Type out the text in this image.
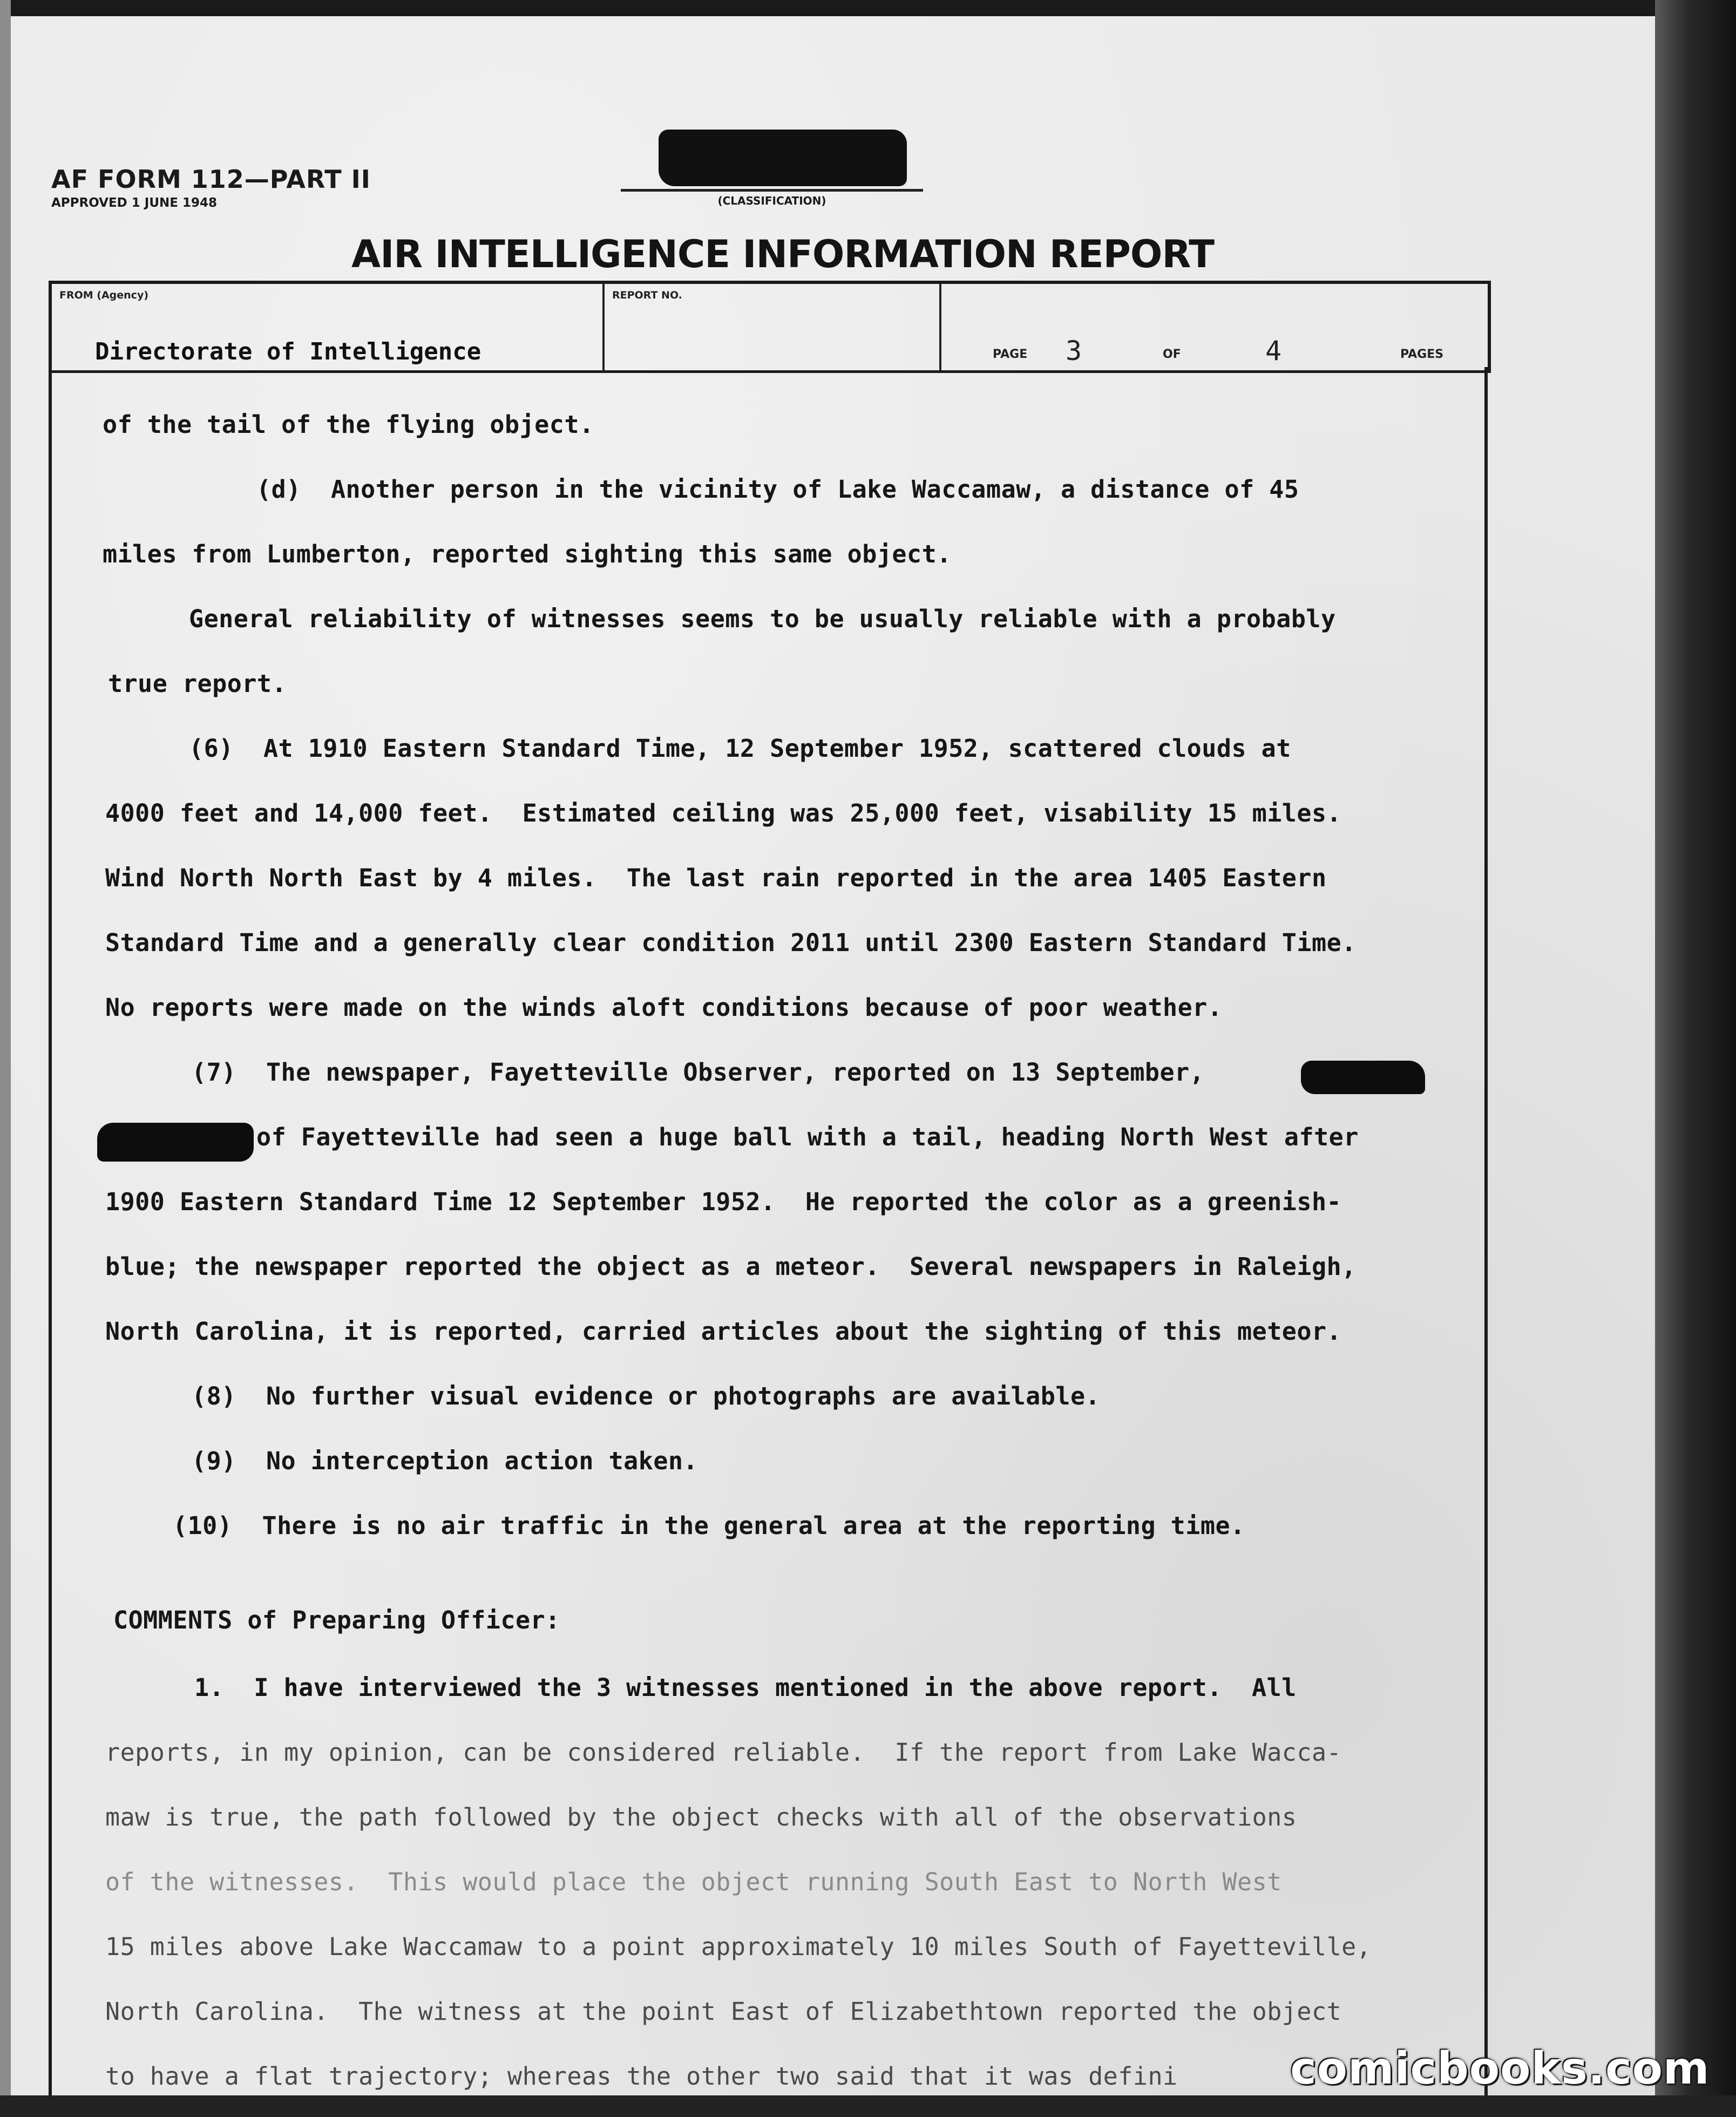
AF FORM 112—PART II
APPROVED 1 JUNE 1948	(CLASSIFICATION)
AIR INTELLIGENCE INFORMATION REPORT
FROM (Agency)
Directorate of Intelligence
REPORT NO.
PAGE 3	OF	4	PAGES
of the tail of the flying object.
(d)  Another person in the vicinity of Lake Waccamaw, a distance of 45
miles from Lumberton, reported sighting this same object.
General reliability of witnesses seems to be usually reliable with a probably
true report.
(6)  At 1910 Eastern Standard Time, 12 September 1952, scattered clouds at
4000 feet and 14,000 feet.  Estimated ceiling was 25,000 feet, visability 15 miles.
Wind North North East by 4 miles.  The last rain reported in the area 1405 Eastern
Standard Time and a generally clear condition 2011 until 2300 Eastern Standard Time.
No reports were made on the winds aloft conditions because of poor weather.
(7)  The newspaper, Fayetteville Observer, reported on 13 September,
of Fayetteville had seen a huge ball with a tail, heading North West after
1900 Eastern Standard Time 12 September 1952.  He reported the color as a greenish-
blue; the newspaper reported the object as a meteor.  Several newspapers in Raleigh,
North Carolina, it is reported, carried articles about the sighting of this meteor.
(8)  No further visual evidence or photographs are available.
(9)  No interception action taken.
(10)  There is no air traffic in the general area at the reporting time.
COMMENTS of Preparing Officer:
1.  I have interviewed the 3 witnesses mentioned in the above report.  All
reports, in my opinion, can be considered reliable.  If the report from Lake Wacca-
maw is true, the path followed by the object checks with all of the observations
of the witnesses.  This would place the object running South East to North West
15 miles above Lake Waccamaw to a point approximately 10 miles South of Fayetteville,
North Carolina.  The witness at the point East of Elizabethtown reported the object
to have a flat trajectory; whereas the other two said that it was defini	comicbooks.com
